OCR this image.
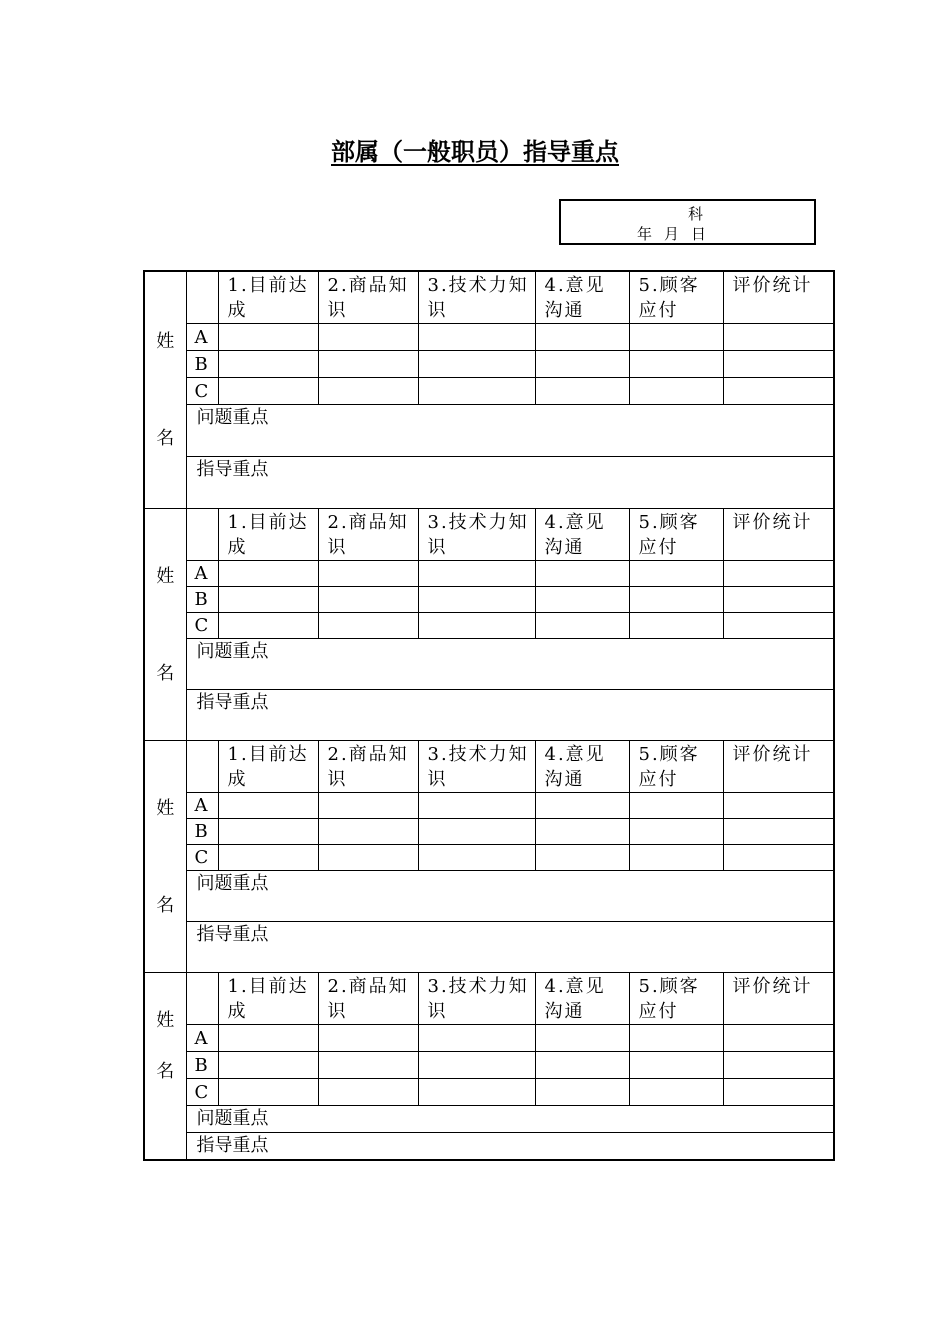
部属（一般职员）指导重点
科
年 月 日
姓
名		1.目前达成	2.商品知识	3.技术力知识	4.意见沟通	5.顾客应付	评价统计
	A						
	B						
	C						
	问题重点						
	指导重点						

姓
名		1.目前达成	2.商品知识	3.技术力知识	4.意见沟通	5.顾客应付	评价统计
	A						
	B						
	C						
	问题重点						
	指导重点						

姓
名		1.目前达成	2.商品知识	3.技术力知识	4.意见沟通	5.顾客应付	评价统计
	A						
	B						
	C						
	问题重点						
	指导重点						

姓
名		1.目前达成	2.商品知识	3.技术力知识	4.意见沟通	5.顾客应付	评价统计
	A						
	B						
	C						
	问题重点						
	指导重点						
